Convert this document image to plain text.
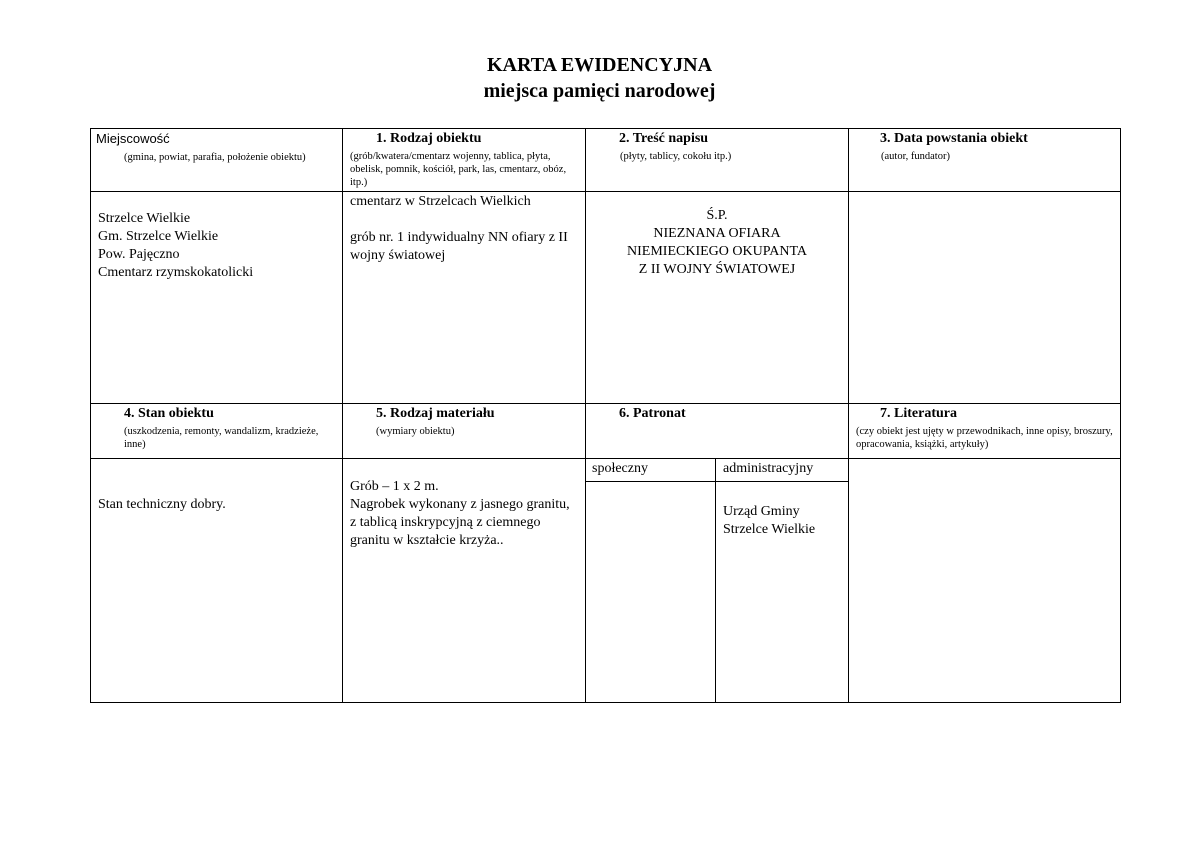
KARTA EWIDENCYJNA
miejsca pamięci narodowej
Miejscowość
(gmina, powiat, parafia, położenie obiektu)
1. Rodzaj obiektu
(grób/kwatera/cmentarz wojenny, tablica, płyta, obelisk, pomnik, kościół, park, las, cmentarz, obóz, itp.)
2. Treść napisu
(płyty, tablicy, cokołu itp.)
3. Data powstania obiekt
(autor, fundator)
Strzelce Wielkie
Gm. Strzelce Wielkie
Pow. Pajęczno
Cmentarz rzymskokatolicki
cmentarz w Strzelcach Wielkich
grób nr. 1 indywidualny NN ofiary z II wojny światowej
Ś.P.
NIEZNANA OFIARA
NIEMIECKIEGO OKUPANTA
Z II WOJNY ŚWIATOWEJ
4. Stan obiektu
(uszkodzenia, remonty, wandalizm, kradzieże, inne)
5. Rodzaj materiału
(wymiary obiektu)
6. Patronat	7. Literatura
(czy obiekt jest ujęty w przewodnikach, inne opisy, broszury, opracowania, książki, artykuły)
Stan techniczny dobry.
Grób – 1 x 2 m.
Nagrobek wykonany z jasnego granitu, z tablicą inskrypcyjną z ciemnego granitu w kształcie krzyża..
społeczny	administracyjny
Urząd Gminy Strzelce Wielkie
